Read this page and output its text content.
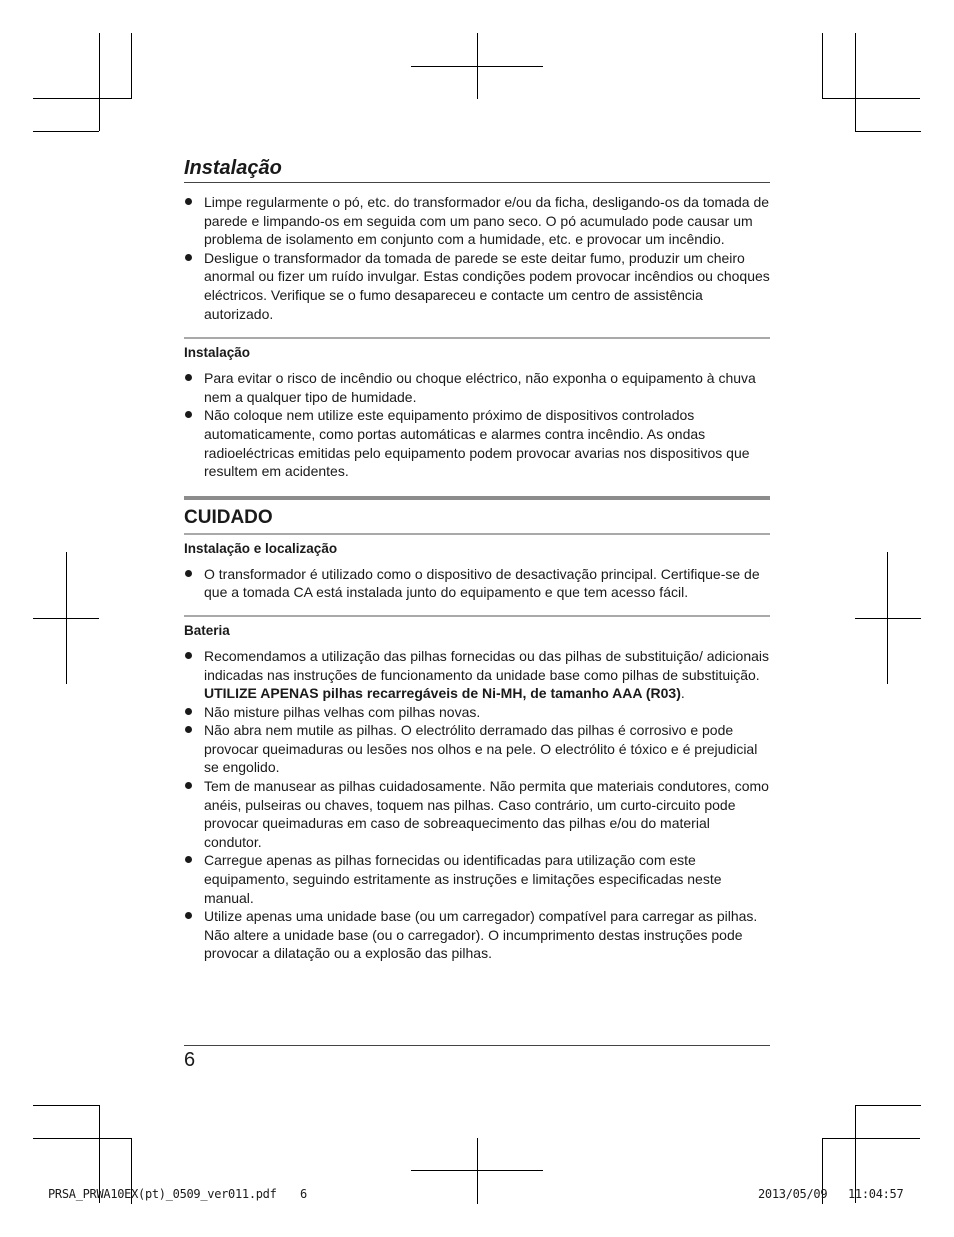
Instalação
Limpe regularmente o pó, etc. do transformador e/ou da ficha, desligando-os da tomada de parede e limpando-os em seguida com um pano seco. O pó acumulado pode causar um problema de isolamento em conjunto com a humidade, etc. e provocar um incêndio.
Desligue o transformador da tomada de parede se este deitar fumo, produzir um cheiro anormal ou fizer um ruído invulgar. Estas condições podem provocar incêndios ou choques eléctricos. Verifique se o fumo desapareceu e contacte um centro de assistência autorizado.
Instalação
Para evitar o risco de incêndio ou choque eléctrico, não exponha o equipamento à chuva nem a qualquer tipo de humidade.
Não coloque nem utilize este equipamento próximo de dispositivos controlados automaticamente, como portas automáticas e alarmes contra incêndio. As ondas radioeléctricas emitidas pelo equipamento podem provocar avarias nos dispositivos que resultem em acidentes.
CUIDADO
Instalação e localização
O transformador é utilizado como o dispositivo de desactivação principal. Certifique-se de que a tomada CA está instalada junto do equipamento e que tem acesso fácil.
Bateria
Recomendamos a utilização das pilhas fornecidas ou das pilhas de substituição/ adicionais indicadas nas instruções de funcionamento da unidade base como pilhas de substituição. UTILIZE APENAS pilhas recarregáveis de Ni-MH, de tamanho AAA (R03).
Não misture pilhas velhas com pilhas novas.
Não abra nem mutile as pilhas. O electrólito derramado das pilhas é corrosivo e pode provocar queimaduras ou lesões nos olhos e na pele. O electrólito é tóxico e é prejudicial se engolido.
Tem de manusear as pilhas cuidadosamente. Não permita que materiais condutores, como anéis, pulseiras ou chaves, toquem nas pilhas. Caso contrário, um curto-circuito pode provocar queimaduras em caso de sobreaquecimento das pilhas e/ou do material condutor.
Carregue apenas as pilhas fornecidas ou identificadas para utilização com este equipamento, seguindo estritamente as instruções e limitações especificadas neste manual.
Utilize apenas uma unidade base (ou um carregador) compatível para carregar as pilhas. Não altere a unidade base (ou o carregador). O incumprimento destas instruções pode provocar a dilatação ou a explosão das pilhas.
6
PRSA_PRWA10EX(pt)_0509_ver011.pdf 6	2013/05/09 11:04:57
